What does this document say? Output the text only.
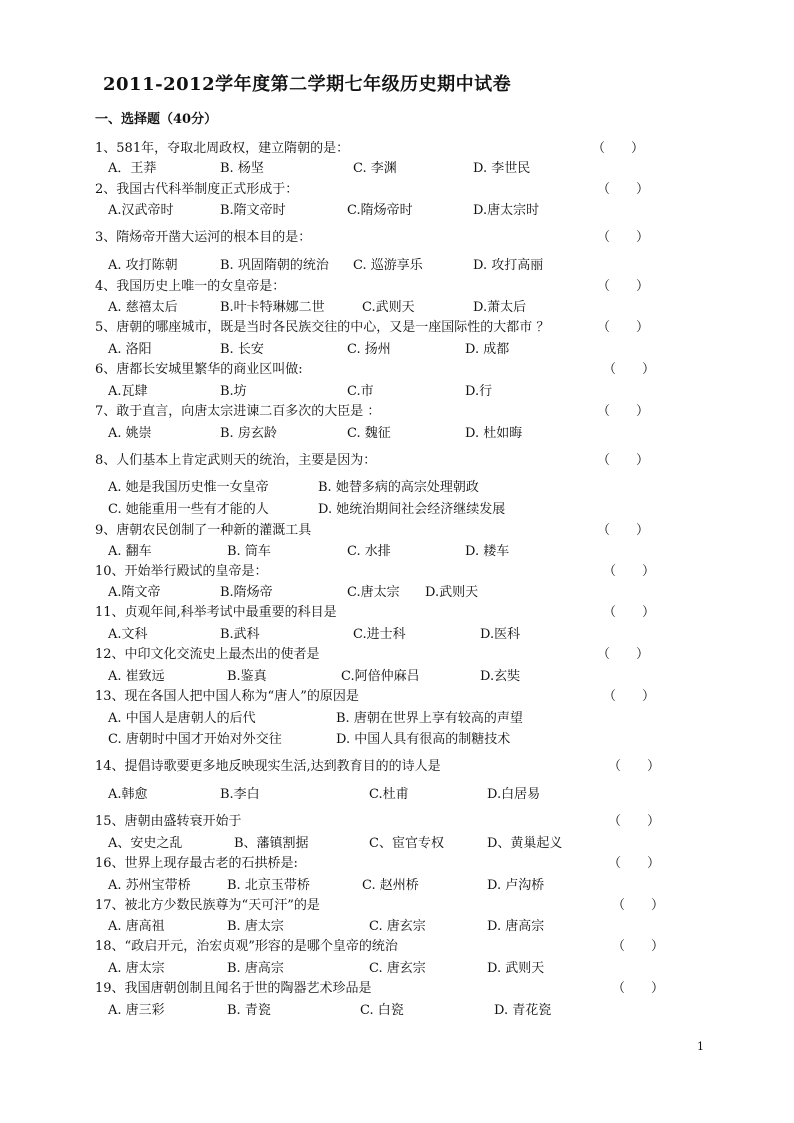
2011-2012学年度第二学期七年级历史期中试卷
一、选择题（40分）
1、581年，夺取北周政权，建立隋朝的是：	（　　）
A．王莽	B. 杨坚	C. 李渊	D. 李世民
2、我国古代科举制度正式形成于：	（　　）
A.汉武帝时	B.隋文帝时	C.隋炀帝时	D.唐太宗时
3、隋炀帝开凿大运河的根本目的是：	（　　）
A. 攻打陈朝	B. 巩固隋朝的统治 C. 巡游享乐	D. 攻打高丽
4、我国历史上唯一的女皇帝是：	（　　）
A. 慈禧太后	B.叶卡特琳娜二世	C.武则天	D.萧太后
5、唐朝的哪座城市，既是当时各民族交往的中心，又是一座国际性的大都市 ？	（　　）
A. 洛阳	B. 长安	C. 扬州	D. 成都
6、唐都长安城里繁华的商业区叫做:	（　　）
A.瓦肆	B.坊	C.市	D.行
7、敢于直言，向唐太宗进谏二百多次的大臣是 ：	（　　）
A. 姚崇	B. 房玄龄	C. 魏征	D. 杜如晦
8、人们基本上肯定武则天的统治，主要是因为：	（　　）
A. 她是我国历史惟一女皇帝	B. 她替多病的高宗处理朝政
C. 她能重用一些有才能的人	D. 她统治期间社会经济继续发展
9、唐朝农民创制了一种新的灌溉工具	（　　）
A. 翻车	B. 筒车	C. 水排	D. 耧车
10、开始举行殿试的皇帝是：	（　　）
A.隋文帝	B.隋炀帝	C.唐太宗 D.武则天
11、贞观年间,科举考试中最重要的科目是	（　　）
A.文科	B.武科	C.进士科	D.医科
12、中印文化交流史上最杰出的使者是	（　　）
A. 崔致远	B.鉴真	C.阿倍仲麻吕	D.玄奘
13、现在各国人把中国人称为“唐人”的原因是	（　　）
A. 中国人是唐朝人的后代	B. 唐朝在世界上享有较高的声望
C. 唐朝时中国才开始对外交往	D. 中国人具有很高的制糖技术
14、提倡诗歌要更多地反映现实生活,达到教育目的的诗人是	（　　）
A.韩愈	B.李白	C.杜甫	D.白居易
15、唐朝由盛转衰开始于	（　　）
A、安史之乱	B、藩镇割据	C、宦官专权	D、黄巢起义
16、世界上现存最古老的石拱桥是:	（　　）
A. 苏州宝带桥	B. 北京玉带桥	C. 赵州桥	D. 卢沟桥
17、被北方少数民族尊为“天可汗”的是	（　　）
A. 唐高祖	B. 唐太宗	C. 唐玄宗	D. 唐高宗
18、“政启开元，治宏贞观”形容的是哪个皇帝的统治	（　　）
A. 唐太宗	B. 唐高宗	C. 唐玄宗	D. 武则天
19、我国唐朝创制且闻名于世的陶器艺术珍品是	（　　）
A. 唐三彩	B. 青瓷	C. 白瓷	D. 青花瓷
1
